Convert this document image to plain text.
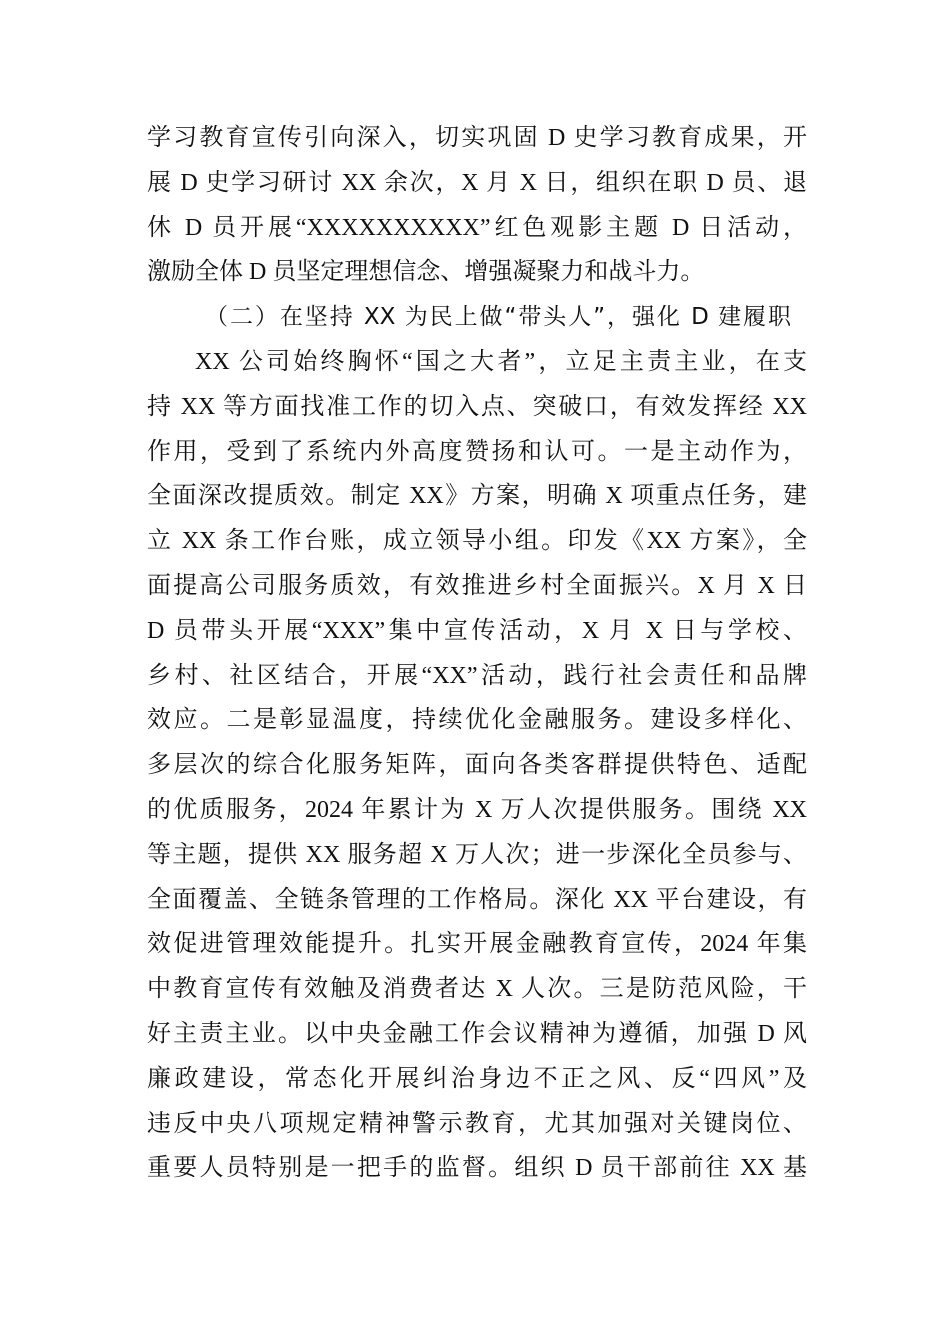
学习教育宣传引向深入，切实巩固 D 史学习教育成果，开
展 D 史学习研讨 XX 余次，X 月 X 日，组织在职 D 员、退
休 D 员开展“XXXXXXXXXX”红色观影主题 D 日活动，
激励全体 D 员坚定理想信念、增强凝聚力和战斗力。
（二）在坚持 XX 为民上做“带头人”，强化 D 建履职
XX 公司始终胸怀“国之大者”，立足主责主业，在支
持 XX 等方面找准工作的切入点、突破口，有效发挥经 XX
作用，受到了系统内外高度赞扬和认可。一是主动作为，
全面深改提质效。制定 XX》方案，明确 X 项重点任务，建
立 XX 条工作台账，成立领导小组。印发《XX 方案》，全
面提高公司服务质效，有效推进乡村全面振兴。X 月 X 日
D 员带头开展“XXX”集中宣传活动，X 月 X 日与学校、
乡村、社区结合，开展“XX”活动，践行社会责任和品牌
效应。二是彰显温度，持续优化金融服务。建设多样化、
多层次的综合化服务矩阵，面向各类客群提供特色、适配
的优质服务，2024 年累计为 X 万人次提供服务。围绕 XX
等主题，提供 XX 服务超 X 万人次；进一步深化全员参与、
全面覆盖、全链条管理的工作格局。深化 XX 平台建设，有
效促进管理效能提升。扎实开展金融教育宣传，2024 年集
中教育宣传有效触及消费者达 X 人次。三是防范风险，干
好主责主业。以中央金融工作会议精神为遵循，加强 D 风
廉政建设，常态化开展纠治身边不正之风、反“四风”及
违反中央八项规定精神警示教育，尤其加强对关键岗位、
重要人员特别是一把手的监督。组织 D 员干部前往 XX 基
